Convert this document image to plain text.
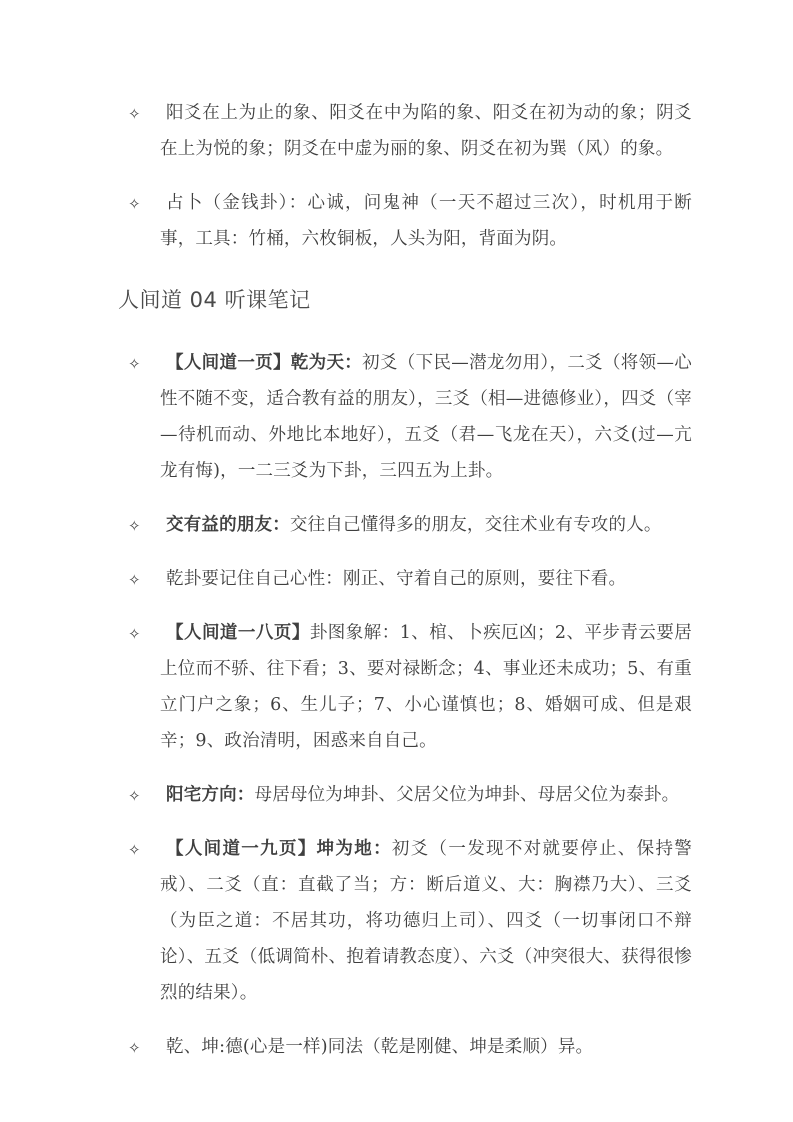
✧ 阳爻在上为止的象、阳爻在中为陷的象、阳爻在初为动的象；阴爻在上为悦的象；阴爻在中虚为丽的象、阴爻在初为巽（风）的象。
✧ 占卜（金钱卦）：心诚，问鬼神（一天不超过三次），时机用于断事，工具：竹桶，六枚铜板，人头为阳，背面为阴。
人间道 04 听课笔记
✧ 【人间道一页】乾为天：初爻（下民—潜龙勿用），二爻（将领—心性不随不变，适合教有益的朋友），三爻（相—进德修业），四爻（宰—待机而动、外地比本地好），五爻（君—飞龙在天），六爻(过—亢龙有悔)，一二三爻为下卦，三四五为上卦。
✧ 交有益的朋友：交往自己懂得多的朋友，交往术业有专攻的人。
✧ 乾卦要记住自己心性：刚正、守着自己的原则，要往下看。
✧ 【人间道一八页】卦图象解：1、棺、卜疾厄凶；2、平步青云要居上位而不骄、往下看；3、要对禄断念；4、事业还未成功；5、有重立门户之象；6、生儿子；7、小心谨慎也；8、婚姻可成、但是艰辛；9、政治清明，困惑来自自己。
✧ 阳宅方向：母居母位为坤卦、父居父位为坤卦、母居父位为泰卦。
✧ 【人间道一九页】坤为地：初爻（一发现不对就要停止、保持警戒）、二爻（直：直截了当；方：断后道义、大：胸襟乃大）、三爻（为臣之道：不居其功，将功德归上司）、四爻（一切事闭口不辩论）、五爻（低调简朴、抱着请教态度）、六爻（冲突很大、获得很惨烈的结果）。
✧ 乾、坤:德(心是一样)同法（乾是刚健、坤是柔顺）异。
